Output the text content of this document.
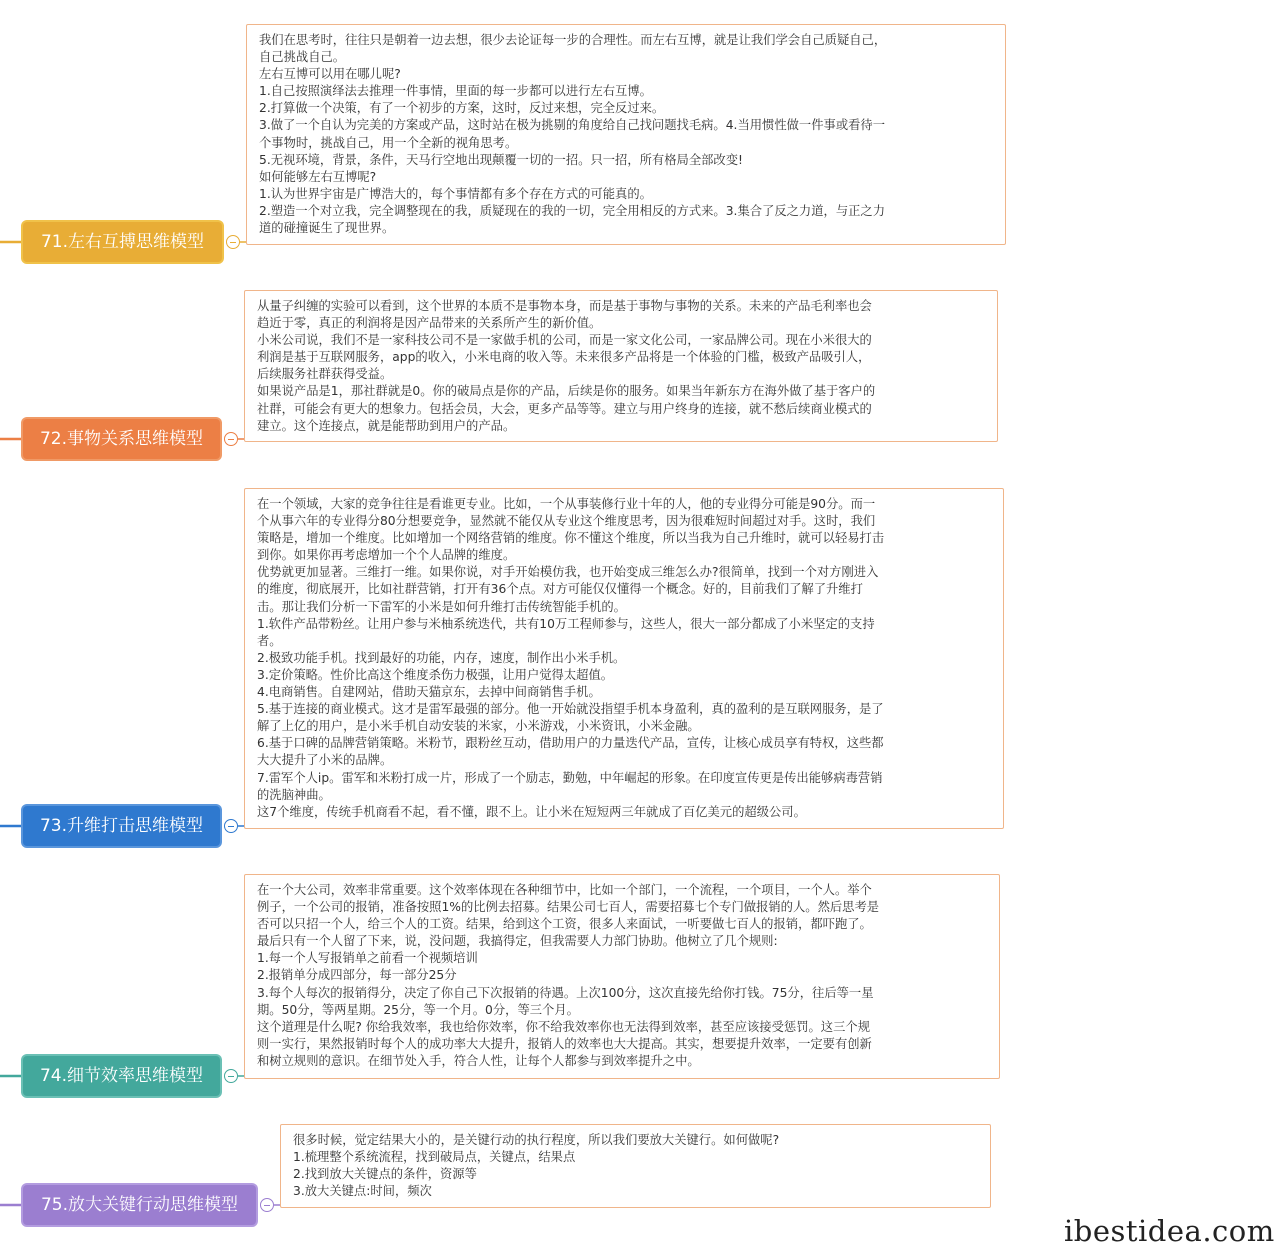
我们在思考时，往往只是朝着一边去想，很少去论证每一步的合理性。而左右互博，就是让我们学会自己质疑自己，

自己挑战自己。

左右互博可以用在哪儿呢?

1.自己按照演绎法去推理一件事情，里面的每一步都可以进行左右互博。

2.打算做一个决策，有了一个初步的方案，这时，反过来想，完全反过来。

3.做了一个自认为完美的方案或产品，这时站在极为挑剔的角度给自己找问题找毛病。4.当用惯性做一件事或看待一

个事物时，挑战自己，用一个全新的视角思考。

5.无视环境，背景，条件，天马行空地出现颠覆一切的一招。只一招，所有格局全部改变!

如何能够左右互博呢?

1.认为世界宇宙是广博浩大的，每个事情都有多个存在方式的可能真的。

2.塑造一个对立我，完全调整现在的我，质疑现在的我的一切，完全用相反的方式来。3.集合了反之力道，与正之力

道的碰撞诞生了现世界。

71.左右互搏思维模型

从量子纠缠的实验可以看到，这个世界的本质不是事物本身，而是基于事物与事物的关系。未来的产品毛利率也会

趋近于零，真正的利润将是因产品带来的关系所产生的新价值。

小米公司说，我们不是一家科技公司不是一家做手机的公司，而是一家文化公司，一家品牌公司。现在小米很大的

利润是基于互联网服务，app的收入，小米电商的收入等。未来很多产品将是一个体验的门槛，极致产品吸引人，

后续服务社群获得受益。

如果说产品是1，那社群就是0。你的破局点是你的产品，后续是你的服务。如果当年新东方在海外做了基于客户的

社群，可能会有更大的想象力。包括会员，大会，更多产品等等。建立与用户终身的连接，就不愁后续商业模式的

建立。这个连接点，就是能帮助到用户的产品。

72.事物关系思维模型

在一个领域，大家的竞争往往是看谁更专业。比如，一个从事装修行业十年的人，他的专业得分可能是90分。而一

个从事六年的专业得分80分想要竞争，显然就不能仅从专业这个维度思考，因为很难短时间超过对手。这时，我们

策略是，增加一个维度。比如增加一个网络营销的维度。你不懂这个维度，所以当我为自己升维时，就可以轻易打击

到你。如果你再考虑增加一个个人品牌的维度。

优势就更加显著。三维打一维。如果你说，对手开始模仿我，也开始变成三维怎么办?很简单，找到一个对方刚进入

的维度，彻底展开，比如社群营销，打开有36个点。对方可能仅仅懂得一个概念。好的，目前我们了解了升维打

击。那让我们分析一下雷军的小米是如何升维打击传统智能手机的。

1.软件产品带粉丝。让用户参与米柚系统迭代，共有10万工程师参与，这些人，很大一部分都成了小米坚定的支持

者。

2.极致功能手机。找到最好的功能，内存，速度，制作出小米手机。

3.定价策略。性价比高这个维度杀伤力极强，让用户觉得太超值。

4.电商销售。自建网站，借助天猫京东，去掉中间商销售手机。

5.基于连接的商业模式。这才是雷军最强的部分。他一开始就没指望手机本身盈利，真的盈利的是互联网服务，是了

解了上亿的用户，是小米手机自动安装的米家，小米游戏，小米资讯，小米金融。

6.基于口碑的品牌营销策略。米粉节，跟粉丝互动，借助用户的力量迭代产品，宣传，让核心成员享有特权，这些都

大大提升了小米的品牌。

7.雷军个人ip。雷军和米粉打成一片，形成了一个励志，勤勉，中年崛起的形象。在印度宣传更是传出能够病毒营销

的洗脑神曲。

这7个维度，传统手机商看不起，看不懂，跟不上。让小米在短短两三年就成了百亿美元的超级公司。

73.升维打击思维模型

在一个大公司，效率非常重要。这个效率体现在各种细节中，比如一个部门，一个流程，一个项目，一个人。举个

例子，一个公司的报销，准备按照1%的比例去招募。结果公司七百人，需要招募七个专门做报销的人。然后思考是

否可以只招一个人，给三个人的工资。结果，给到这个工资，很多人来面试，一听要做七百人的报销，都吓跑了。

最后只有一个人留了下来，说，没问题，我搞得定，但我需要人力部门协助。他树立了几个规则:

1.每一个人写报销单之前看一个视频培训

2.报销单分成四部分，每一部分25分

3.每个人每次的报销得分，决定了你自己下次报销的待遇。上次100分，这次直接先给你打钱。75分，往后等一星

期。50分，等两星期。25分，等一个月。0分，等三个月。

这个道理是什么呢? 你给我效率，我也给你效率，你不给我效率你也无法得到效率，甚至应该接受惩罚。这三个规

则一实行，果然报销时每个人的成功率大大提升，报销人的效率也大大提高。其实，想要提升效率，一定要有创新

和树立规则的意识。在细节处入手，符合人性，让每个人都参与到效率提升之中。

74.细节效率思维模型

很多时候，觉定结果大小的，是关键行动的执行程度，所以我们要放大关键行。如何做呢?

1.梳理整个系统流程，找到破局点，关键点，结果点

2.找到放大关键点的条件，资源等

3.放大关键点:时间，频次

75.放大关键行动思维模型
ibestidea.com
